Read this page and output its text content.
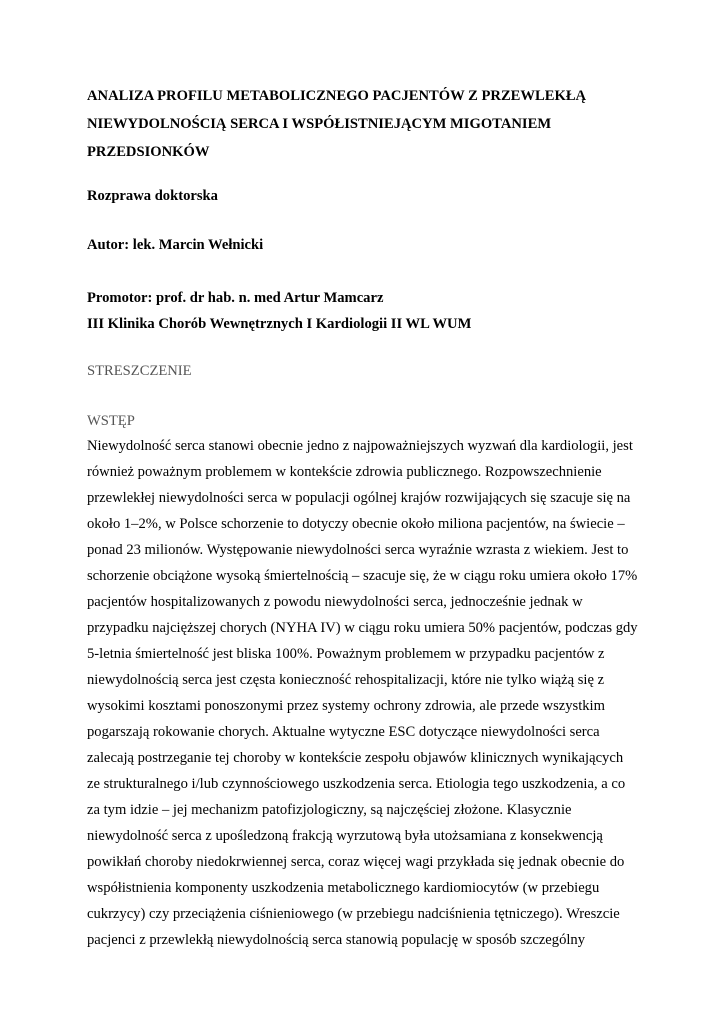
ANALIZA PROFILU METABOLICZNEGO PACJENTÓW Z PRZEWLEKŁĄ
NIEWYDOLNOŚCIĄ SERCA I WSPÓŁISTNIEJĄCYM MIGOTANIEM
PRZEDSIONKÓW

Rozprawa doktorska

Autor: lek. Marcin Wełnicki

Promotor: prof. dr hab. n. med Artur Mamcarz

III Klinika Chorób Wewnętrznych I Kardiologii II WL WUM

STRESZCZENIE
WSTĘP
Niewydolność serca stanowi obecnie jedno z najpoważniejszych wyzwań dla kardiologii, jest
również poważnym problemem w kontekście zdrowia publicznego. Rozpowszechnienie
przewlekłej niewydolności serca w populacji ogólnej krajów rozwijających się szacuje się na
około 1–2%, w Polsce schorzenie to dotyczy obecnie około miliona pacjentów, na świecie –
ponad 23 milionów. Występowanie niewydolności serca wyraźnie wzrasta z wiekiem. Jest to
schorzenie obciążone wysoką śmiertelnością – szacuje się, że w ciągu roku umiera około 17%
pacjentów hospitalizowanych z powodu niewydolności serca, jednocześnie jednak w
przypadku najcięższej chorych (NYHA IV) w ciągu roku umiera 50% pacjentów, podczas gdy
5-letnia śmiertelność jest bliska 100%. Poważnym problemem w przypadku pacjentów z
niewydolnością serca jest częsta konieczność rehospitalizacji, które nie tylko wiążą się z
wysokimi kosztami ponoszonymi przez systemy ochrony zdrowia, ale przede wszystkim
pogarszają rokowanie chorych. Aktualne wytyczne ESC dotyczące niewydolności serca
zalecają postrzeganie tej choroby w kontekście zespołu objawów klinicznych wynikających
ze strukturalnego i/lub czynnościowego uszkodzenia serca. Etiologia tego uszkodzenia, a co
za tym idzie – jej mechanizm patofizjologiczny, są najczęściej złożone. Klasycznie
niewydolność serca z upośledzoną frakcją wyrzutową była utożsamiana z konsekwencją
powikłań choroby niedokrwiennej serca, coraz więcej wagi przykłada się jednak obecnie do
współistnienia komponenty uszkodzenia metabolicznego kardiomiocytów (w przebiegu
cukrzycy) czy przeciążenia ciśnieniowego (w przebiegu nadciśnienia tętniczego). Wreszcie
pacjenci z przewlekłą niewydolnością serca stanowią populację w sposób szczególny
